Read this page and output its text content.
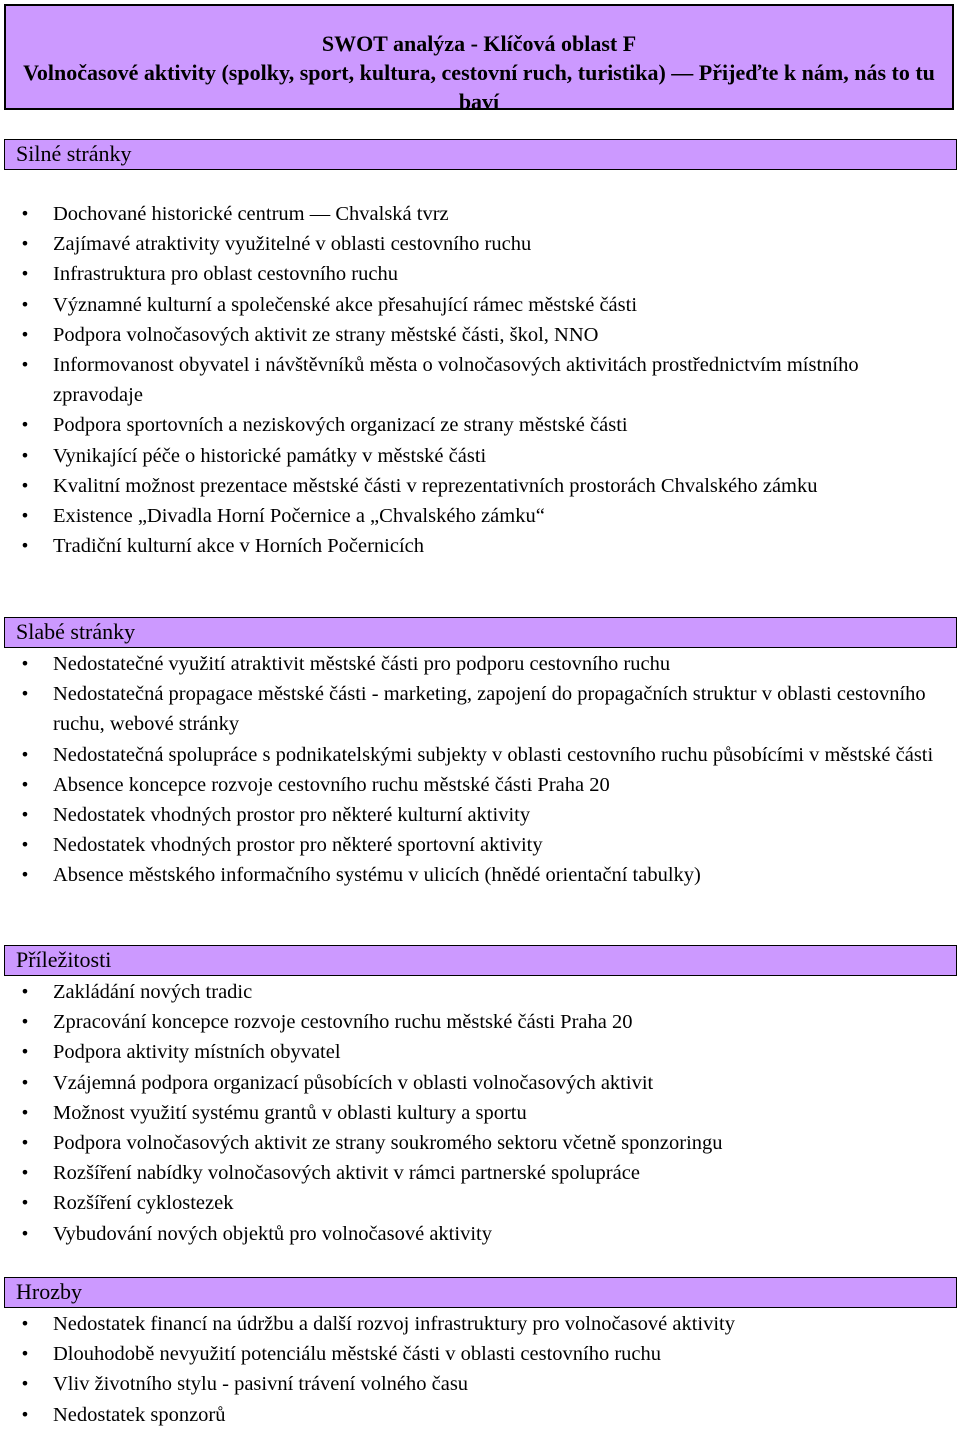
SWOT analýza - Klíčová oblast F
Volnočasové aktivity (spolky, sport, kultura, cestovní ruch, turistika) — Přijeďte k nám, nás to tu baví
Silné stránky
• Dochované historické centrum — Chvalská tvrz
• Zajímavé atraktivity využitelné v oblasti cestovního ruchu
• Infrastruktura pro oblast cestovního ruchu
• Významné kulturní a společenské akce přesahující rámec městské části
• Podpora volnočasových aktivit ze strany městské části, škol, NNO
• Informovanost obyvatel i návštěvníků města o volnočasových aktivitách prostřednictvím místního zpravodaje
• Podpora sportovních a neziskových organizací ze strany městské části
• Vynikající péče o historické památky v městské části
• Kvalitní možnost prezentace městské části v reprezentativních prostorách Chvalského zámku
• Existence „Divadla Horní Počernice a „Chvalského zámku“
• Tradiční kulturní akce v Horních Počernicích
Slabé stránky
• Nedostatečné využití atraktivit městské části pro podporu cestovního ruchu
• Nedostatečná propagace městské části - marketing, zapojení do propagačních struktur v oblasti cestovního ruchu, webové stránky
• Nedostatečná spolupráce s podnikatelskými subjekty v oblasti cestovního ruchu působícími v městské části
• Absence koncepce rozvoje cestovního ruchu městské části Praha 20
• Nedostatek vhodných prostor pro některé kulturní aktivity
• Nedostatek vhodných prostor pro některé sportovní aktivity
• Absence městského informačního systému v ulicích (hnědé orientační tabulky)
Příležitosti
• Zakládání nových tradic
• Zpracování koncepce rozvoje cestovního ruchu městské části Praha 20
• Podpora aktivity místních obyvatel
• Vzájemná podpora organizací působících v oblasti volnočasových aktivit
• Možnost využití systému grantů v oblasti kultury a sportu
• Podpora volnočasových aktivit ze strany soukromého sektoru včetně sponzoringu
• Rozšíření nabídky volnočasových aktivit v rámci partnerské spolupráce
• Rozšíření cyklostezek
• Vybudování nových objektů pro volnočasové aktivity
Hrozby
• Nedostatek financí na údržbu a další rozvoj infrastruktury pro volnočasové aktivity
• Dlouhodobě nevyužití potenciálu městské části v oblasti cestovního ruchu
• Vliv životního stylu - pasivní trávení volného času
• Nedostatek sponzorů
